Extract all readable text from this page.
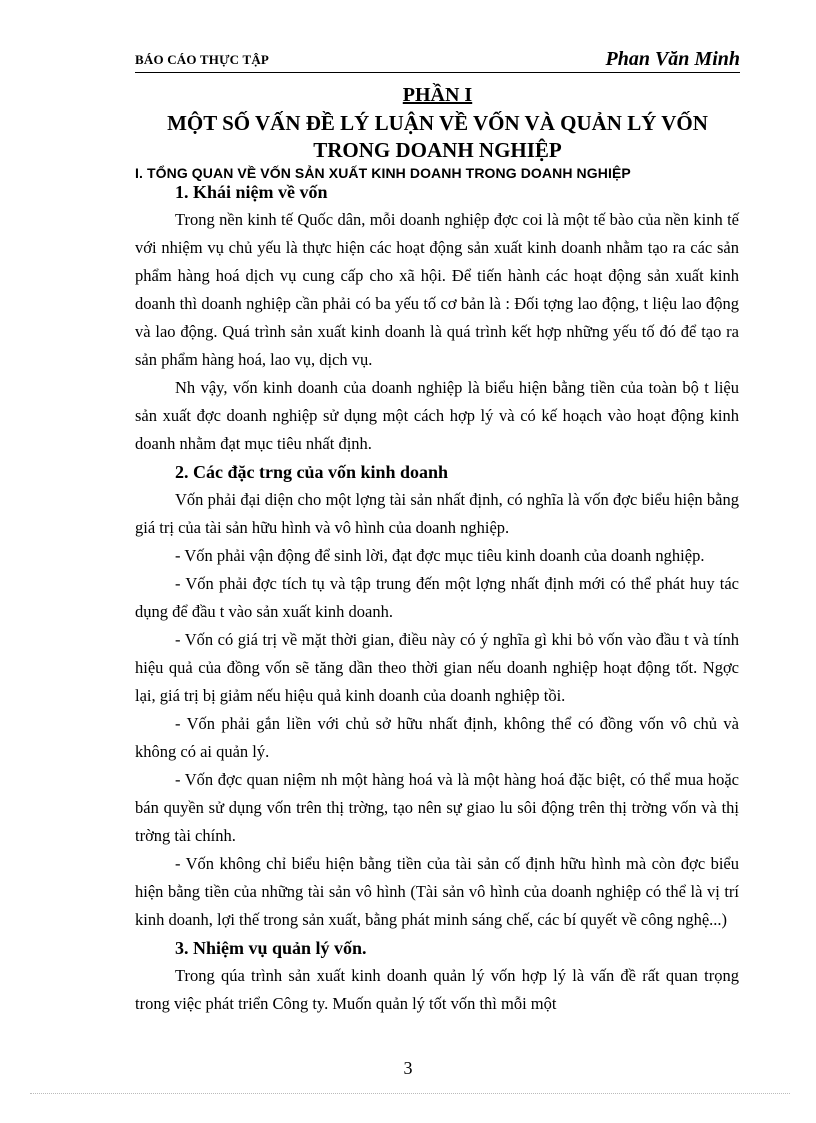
BÁO CÁO THỰC TẬP	Phan Văn Minh
PHẦN I
MỘT SỐ VẤN ĐỀ LÝ LUẬN VỀ VỐN VÀ QUẢN LÝ VỐN TRONG DOANH NGHIỆP
I. TỔNG QUAN VỀ VỐN SẢN XUẤT KINH DOANH TRONG DOANH NGHIỆP
1. Khái niệm về vốn

Trong nền kinh tế Quốc dân, mỗi doanh nghiệp đợc coi là một tế bào của nền kinh tế với nhiệm vụ chủ yếu là thực hiện các hoạt động sản xuất kinh doanh nhằm tạo ra các sản phẩm hàng hoá dịch vụ cung cấp cho xã hội. Để tiến hành các hoạt động sản xuất kinh doanh thì doanh nghiệp cần phải có ba yếu tố cơ bản là : Đối tợng lao động, t liệu lao động và lao động. Quá trình sản xuất kinh doanh là quá trình kết hợp những yếu tố đó để tạo ra sản phẩm hàng hoá, lao vụ, dịch vụ.

Nh vậy, vốn kinh doanh của doanh nghiệp là biểu hiện bằng tiền của toàn bộ t liệu sản xuất đợc doanh nghiệp sử dụng một cách hợp lý và có kế hoạch vào hoạt động kinh doanh nhằm đạt mục tiêu nhất định.

2. Các đặc trng của vốn kinh doanh

Vốn phải đại diện cho một lợng tài sản nhất định, có nghĩa là vốn đợc biểu hiện bằng giá trị của tài sản hữu hình và vô hình của doanh nghiệp.

- Vốn phải vận động để sinh lời, đạt đợc mục tiêu kinh doanh của doanh nghiệp.

- Vốn phải đợc tích tụ và tập trung đến một lợng nhất định mới có thể phát huy tác dụng để đầu t vào sản xuất kinh doanh.

- Vốn có giá trị về mặt thời gian, điều này có ý nghĩa gì khi bỏ vốn vào đầu t và tính hiệu quả của đồng vốn sẽ tăng dần theo thời gian nếu doanh nghiệp hoạt động tốt. Ngợc lại, giá trị bị giảm nếu hiệu quả kinh doanh của doanh nghiệp tồi.

- Vốn phải gắn liền với chủ sở hữu nhất định, không thể có đồng vốn vô chủ và không có ai quản lý.

- Vốn đợc quan niệm nh một hàng hoá và là một hàng hoá đặc biệt, có thể mua hoặc bán quyền sử dụng vốn trên thị trờng, tạo nên sự giao lu sôi động trên thị trờng vốn và thị trờng tài chính.

- Vốn không chỉ biểu hiện bằng tiền của tài sản cố định hữu hình mà còn đợc biểu hiện bằng tiền của những tài sản vô hình (Tài sản vô hình của doanh nghiệp có thể là vị trí kinh doanh, lợi thế trong sản xuất, bằng phát minh sáng chế, các bí quyết về công nghệ...)

3. Nhiệm vụ quản lý vốn.

Trong qúa trình sản xuất kinh doanh quản lý vốn hợp lý là vấn đề rất quan trọng trong việc phát triển Công ty. Muốn quản lý tốt vốn thì mỗi một

3
